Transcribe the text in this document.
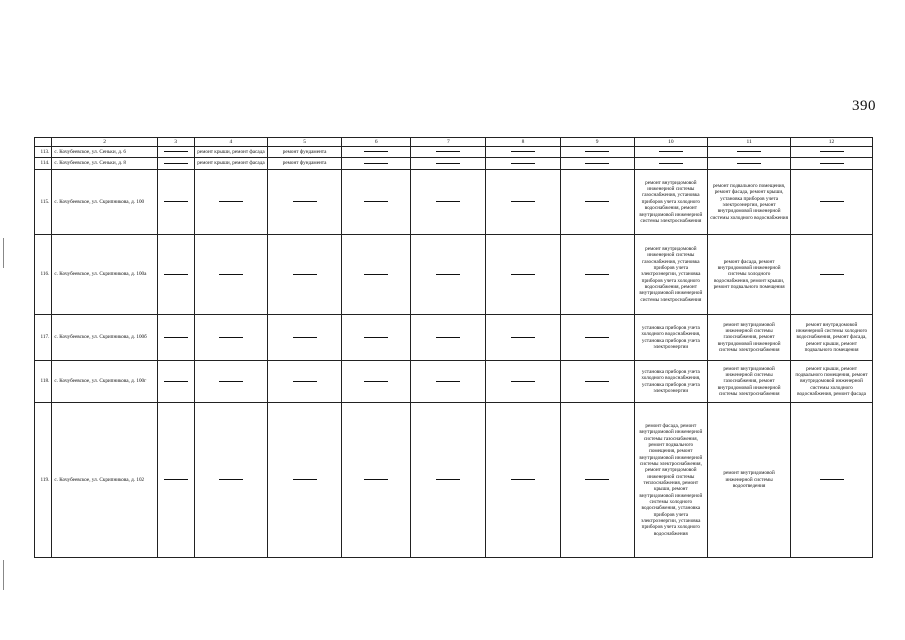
390
	2	3	4	5	6	7	8	9	10	11	12
113.	с. Кочубеевское, ул. Сеньки, д. 6		ремонт крыши, ремонт фасада	ремонт фундамента							
114.	с. Кочубеевское, ул. Сеньки, д. 8		ремонт крыши, ремонт фасада	ремонт фундамента							
115.	с. Кочубеевское, ул. Скрипникова, д. 100								ремонт внутридомовой инженерной системы газоснабжения, установка приборов учета холодного водоснабжения, ремонт внутридомовой инженерной системы электроснабжения	ремонт подвального помещения, ремонт фасада, ремонт крыши, установка приборов учета электроэнергии, ремонт внутридомовой инженерной системы холодного водоснабжения	
116.	с. Кочубеевское, ул. Скрипникова, д. 100а								ремонт внутридомовой инженерной системы газоснабжения, установка приборов учета электроэнергии, установка приборов учета холодного водоснабжения, ремонт внутридомовой инженерной системы электроснабжения	ремонт фасада, ремонт внутридомовой инженерной системы холодного водоснабжения, ремонт крыши, ремонт подвального помещения	
117.	с. Кочубеевское, ул. Скрипникова, д. 100б								установка приборов учета холодного водоснабжения, установка приборов учета электроэнергии	ремонт внутридомовой инженерной системы газоснабжения, ремонт внутридомовой инженерной системы электроснабжения	ремонт внутридомовой инженерной системы холодного водоснабжения, ремонт фасада, ремонт крыши, ремонт подвального помещения
118.	с. Кочубеевское, ул. Скрипникова, д. 100г								установка приборов учета холодного водоснабжения, установка приборов учета электроэнергии	ремонт внутридомовой инженерной системы газоснабжения, ремонт внутридомовой инженерной системы электроснабжения	ремонт крыши, ремонт подвального помещения, ремонт внутридомовой инженерной системы холодного водоснабжения, ремонт фасада
119.	с. Кочубеевское, ул. Скрипникова, д. 102								ремонт фасада, ремонт внутридомовой инженерной системы газоснабжения, ремонт подвального помещения, ремонт внутридомовой инженерной системы электроснабжения, ремонт внутридомовой инженерной системы теплоснабжения, ремонт крыши, ремонт внутридомовой инженерной системы холодного водоснабжения, установка приборов учета электроэнергии, установка приборов учета холодного водоснабжения	ремонт внутридомовой инженерной системы водоотведения	
